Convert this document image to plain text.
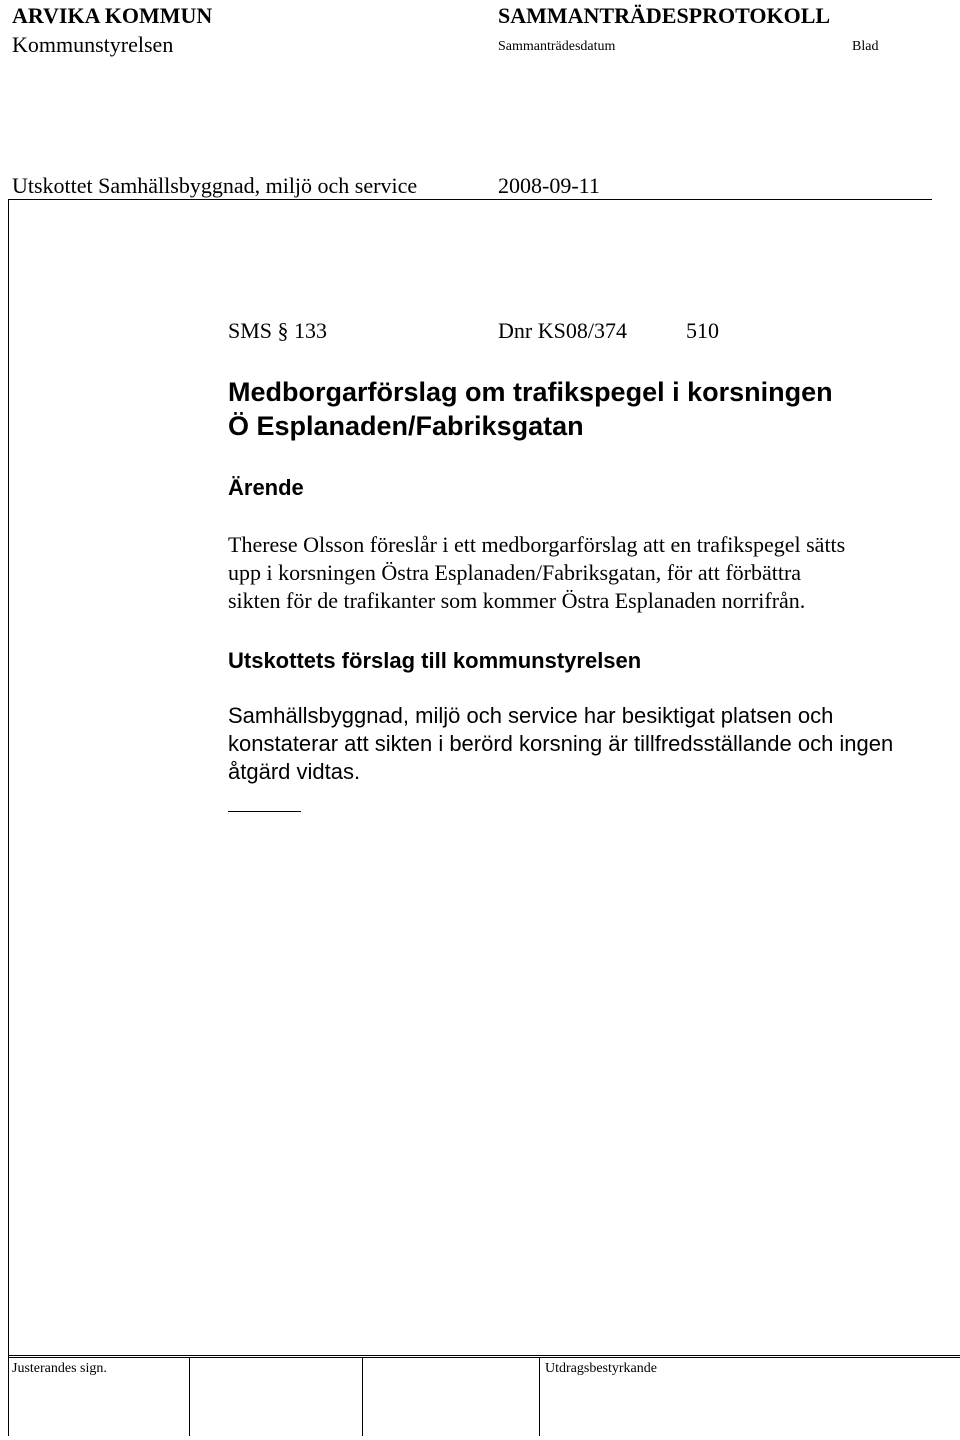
ARVIKA KOMMUN	SAMMANTRÄDESPROTOKOLL
Kommunstyrelsen	Sammanträdesdatum	Blad
Utskottet Samhällsbyggnad, miljö och service	2008-09-11
SMS § 133	Dnr KS08/374	510
Medborgarförslag om trafikspegel i korsningen
Ö Esplanaden/Fabriksgatan
Ärende
Therese Olsson föreslår i ett medborgarförslag att en trafikspegel sätts
upp i korsningen Östra Esplanaden/Fabriksgatan, för att förbättra
sikten för de trafikanter som kommer Östra Esplanaden norrifrån.
Utskottets förslag till kommunstyrelsen
Samhällsbyggnad, miljö och service har besiktigat platsen och
konstaterar att sikten i berörd korsning är tillfredsställande och ingen
åtgärd vidtas.
Justerandes sign.	Utdragsbestyrkande
